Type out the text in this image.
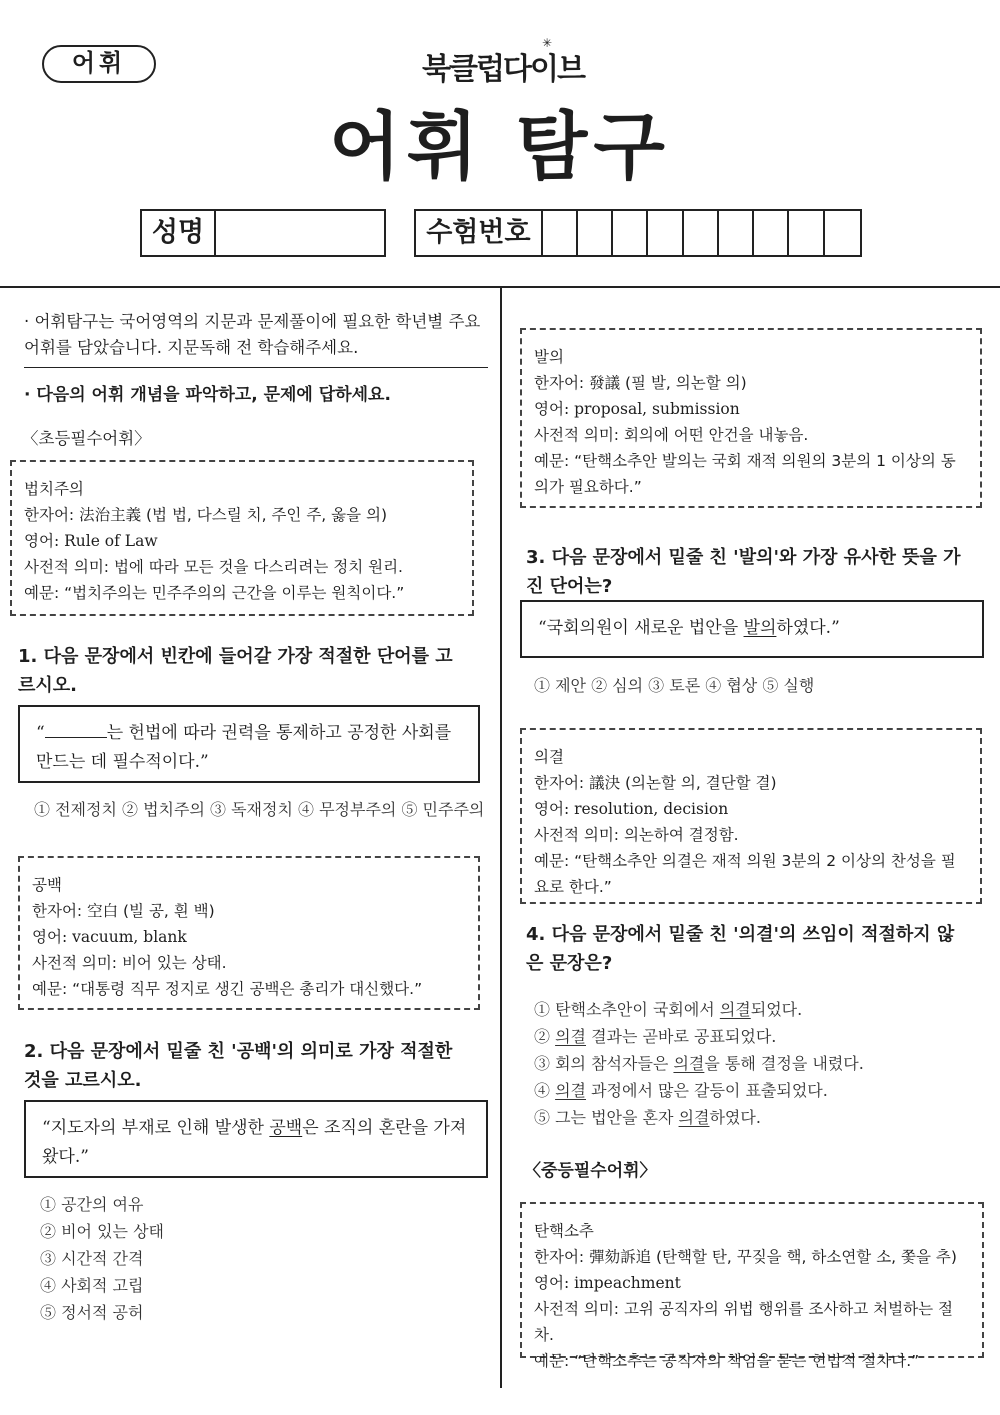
어휘	북클럽다이브
✳
어휘 탐구
성명	수험번호
· 어휘탐구는 국어영역의 지문과 문제풀이에 필요한 학년별 주요 어휘를 담았습니다. 지문독해 전 학습해주세요.
· 다음의 어휘 개념을 파악하고, 문제에 답하세요.
〈초등필수어휘〉
법치주의
한자어: 法治主義 (법 법, 다스릴 치, 주인 주, 옳을 의)
영어: Rule of Law
사전적 의미: 법에 따라 모든 것을 다스리려는 정치 원리.
예문: “법치주의는 민주주의의 근간을 이루는 원칙이다.”
1. 다음 문장에서 빈칸에 들어갈 가장 적절한 단어를 고르시오.
“	는 헌법에 따라 권력을 통제하고 공정한 사회를 만드는 데 필수적이다.”
① 전제정치 ② 법치주의 ③ 독재정치 ④ 무정부주의 ⑤ 민주주의
공백
한자어: 空白 (빌 공, 흰 백)
영어: vacuum, blank
사전적 의미: 비어 있는 상태.
예문: “대통령 직무 정지로 생긴 공백은 총리가 대신했다.”
2. 다음 문장에서 밑줄 친 '공백'의 의미로 가장 적절한 것을 고르시오.
“지도자의 부재로 인해 발생한 공백은 조직의 혼란을 가져왔다.”
① 공간의 여유
② 비어 있는 상태
③ 시간적 간격
④ 사회적 고립
⑤ 정서적 공허
발의
한자어: 發議 (필 발, 의논할 의)
영어: proposal, submission
사전적 의미: 회의에 어떤 안건을 내놓음.
예문: “탄핵소추안 발의는 국회 재적 의원의 3분의 1 이상의 동의가 필요하다.”
3. 다음 문장에서 밑줄 친 '발의'와 가장 유사한 뜻을 가진 단어는?
“국회의원이 새로운 법안을 발의하였다.”
① 제안 ② 심의 ③ 토론 ④ 협상 ⑤ 실행
의결
한자어: 議決 (의논할 의, 결단할 결)
영어: resolution, decision
사전적 의미: 의논하여 결정함.
예문: “탄핵소추안 의결은 재적 의원 3분의 2 이상의 찬성을 필요로 한다.”
4. 다음 문장에서 밑줄 친 '의결'의 쓰임이 적절하지 않은 문장은?
① 탄핵소추안이 국회에서 의결되었다.
② 의결 결과는 곧바로 공표되었다.
③ 회의 참석자들은 의결을 통해 결정을 내렸다.
④ 의결 과정에서 많은 갈등이 표출되었다.
⑤ 그는 법안을 혼자 의결하였다.
〈중등필수어휘〉
탄핵소추
한자어: 彈劾訴追 (탄핵할 탄, 꾸짖을 핵, 하소연할 소, 쫓을 추)
영어: impeachment
사전적 의미: 고위 공직자의 위법 행위를 조사하고 처벌하는 절차.
예문: “탄핵소추는 공직자의 책임을 묻는 헌법적 절차다.”
